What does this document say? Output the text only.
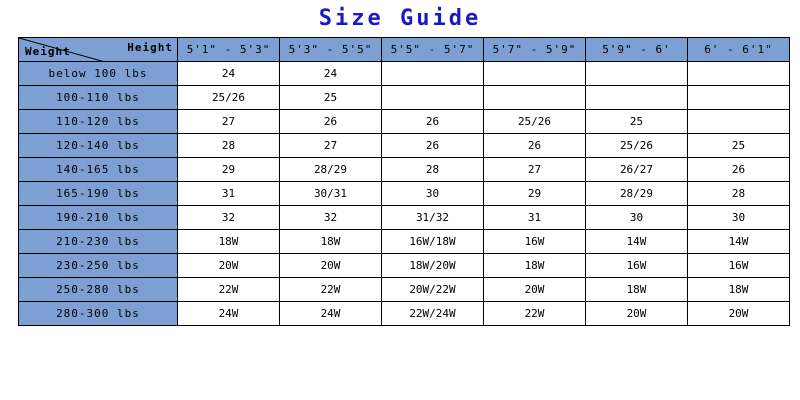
Size Guide
Weight Height	5'1" - 5'3"	5'3" - 5'5"	5'5" - 5'7"	5'7" - 5'9"	5'9" - 6'	6' - 6'1"
below 100 lbs	24	24				
100-110 lbs	25/26	25				
110-120 lbs	27	26	26	25/26	25	
120-140 lbs	28	27	26	26	25/26	25
140-165 lbs	29	28/29	28	27	26/27	26
165-190 lbs	31	30/31	30	29	28/29	28
190-210 lbs	32	32	31/32	31	30	30
210-230 lbs	18W	18W	16W/18W	16W	14W	14W
230-250 lbs	20W	20W	18W/20W	18W	16W	16W
250-280 lbs	22W	22W	20W/22W	20W	18W	18W
280-300 lbs	24W	24W	22W/24W	22W	20W	20W
